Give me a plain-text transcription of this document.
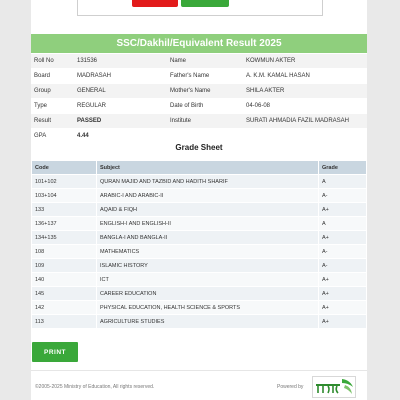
SSC/Dakhil/Equivalent Result 2025
Roll No	131536	Name	KOWMUN AKTER
Board	MADRASAH	Father's Name	A. K.M. KAMAL HASAN
Group	GENERAL	Mother's Name	SHILA AKTER
Type	REGULAR	Date of Birth	04-06-08
Result	PASSED	Institute	SURATI AHMADIA FAZIL MADRASAH
GPA	4.44		
Grade Sheet
Code	Subject	Grade
101+102	QURAN MAJID AND TAZBID AND HADITH SHARIF	A
103+104	ARABIC-I AND ARABIC-II	A-
133	AQAID & FIQH	A+
136+137	ENGLISH-I AND ENGLISH-II	A
134+135	BANGLA-I AND BANGLA-II	A+
108	MATHEMATICS	A-
109	ISLAMIC HISTORY	A-
140	ICT	A+
145	CAREER EDUCATION	A+
142	PHYSICAL EDUCATION, HEALTH SCIENCE & SPORTS	A+
113	AGRICULTURE STUDIES	A+
PRINT
©2005-2025 Ministry of Education, All rights reserved.	Powered by
